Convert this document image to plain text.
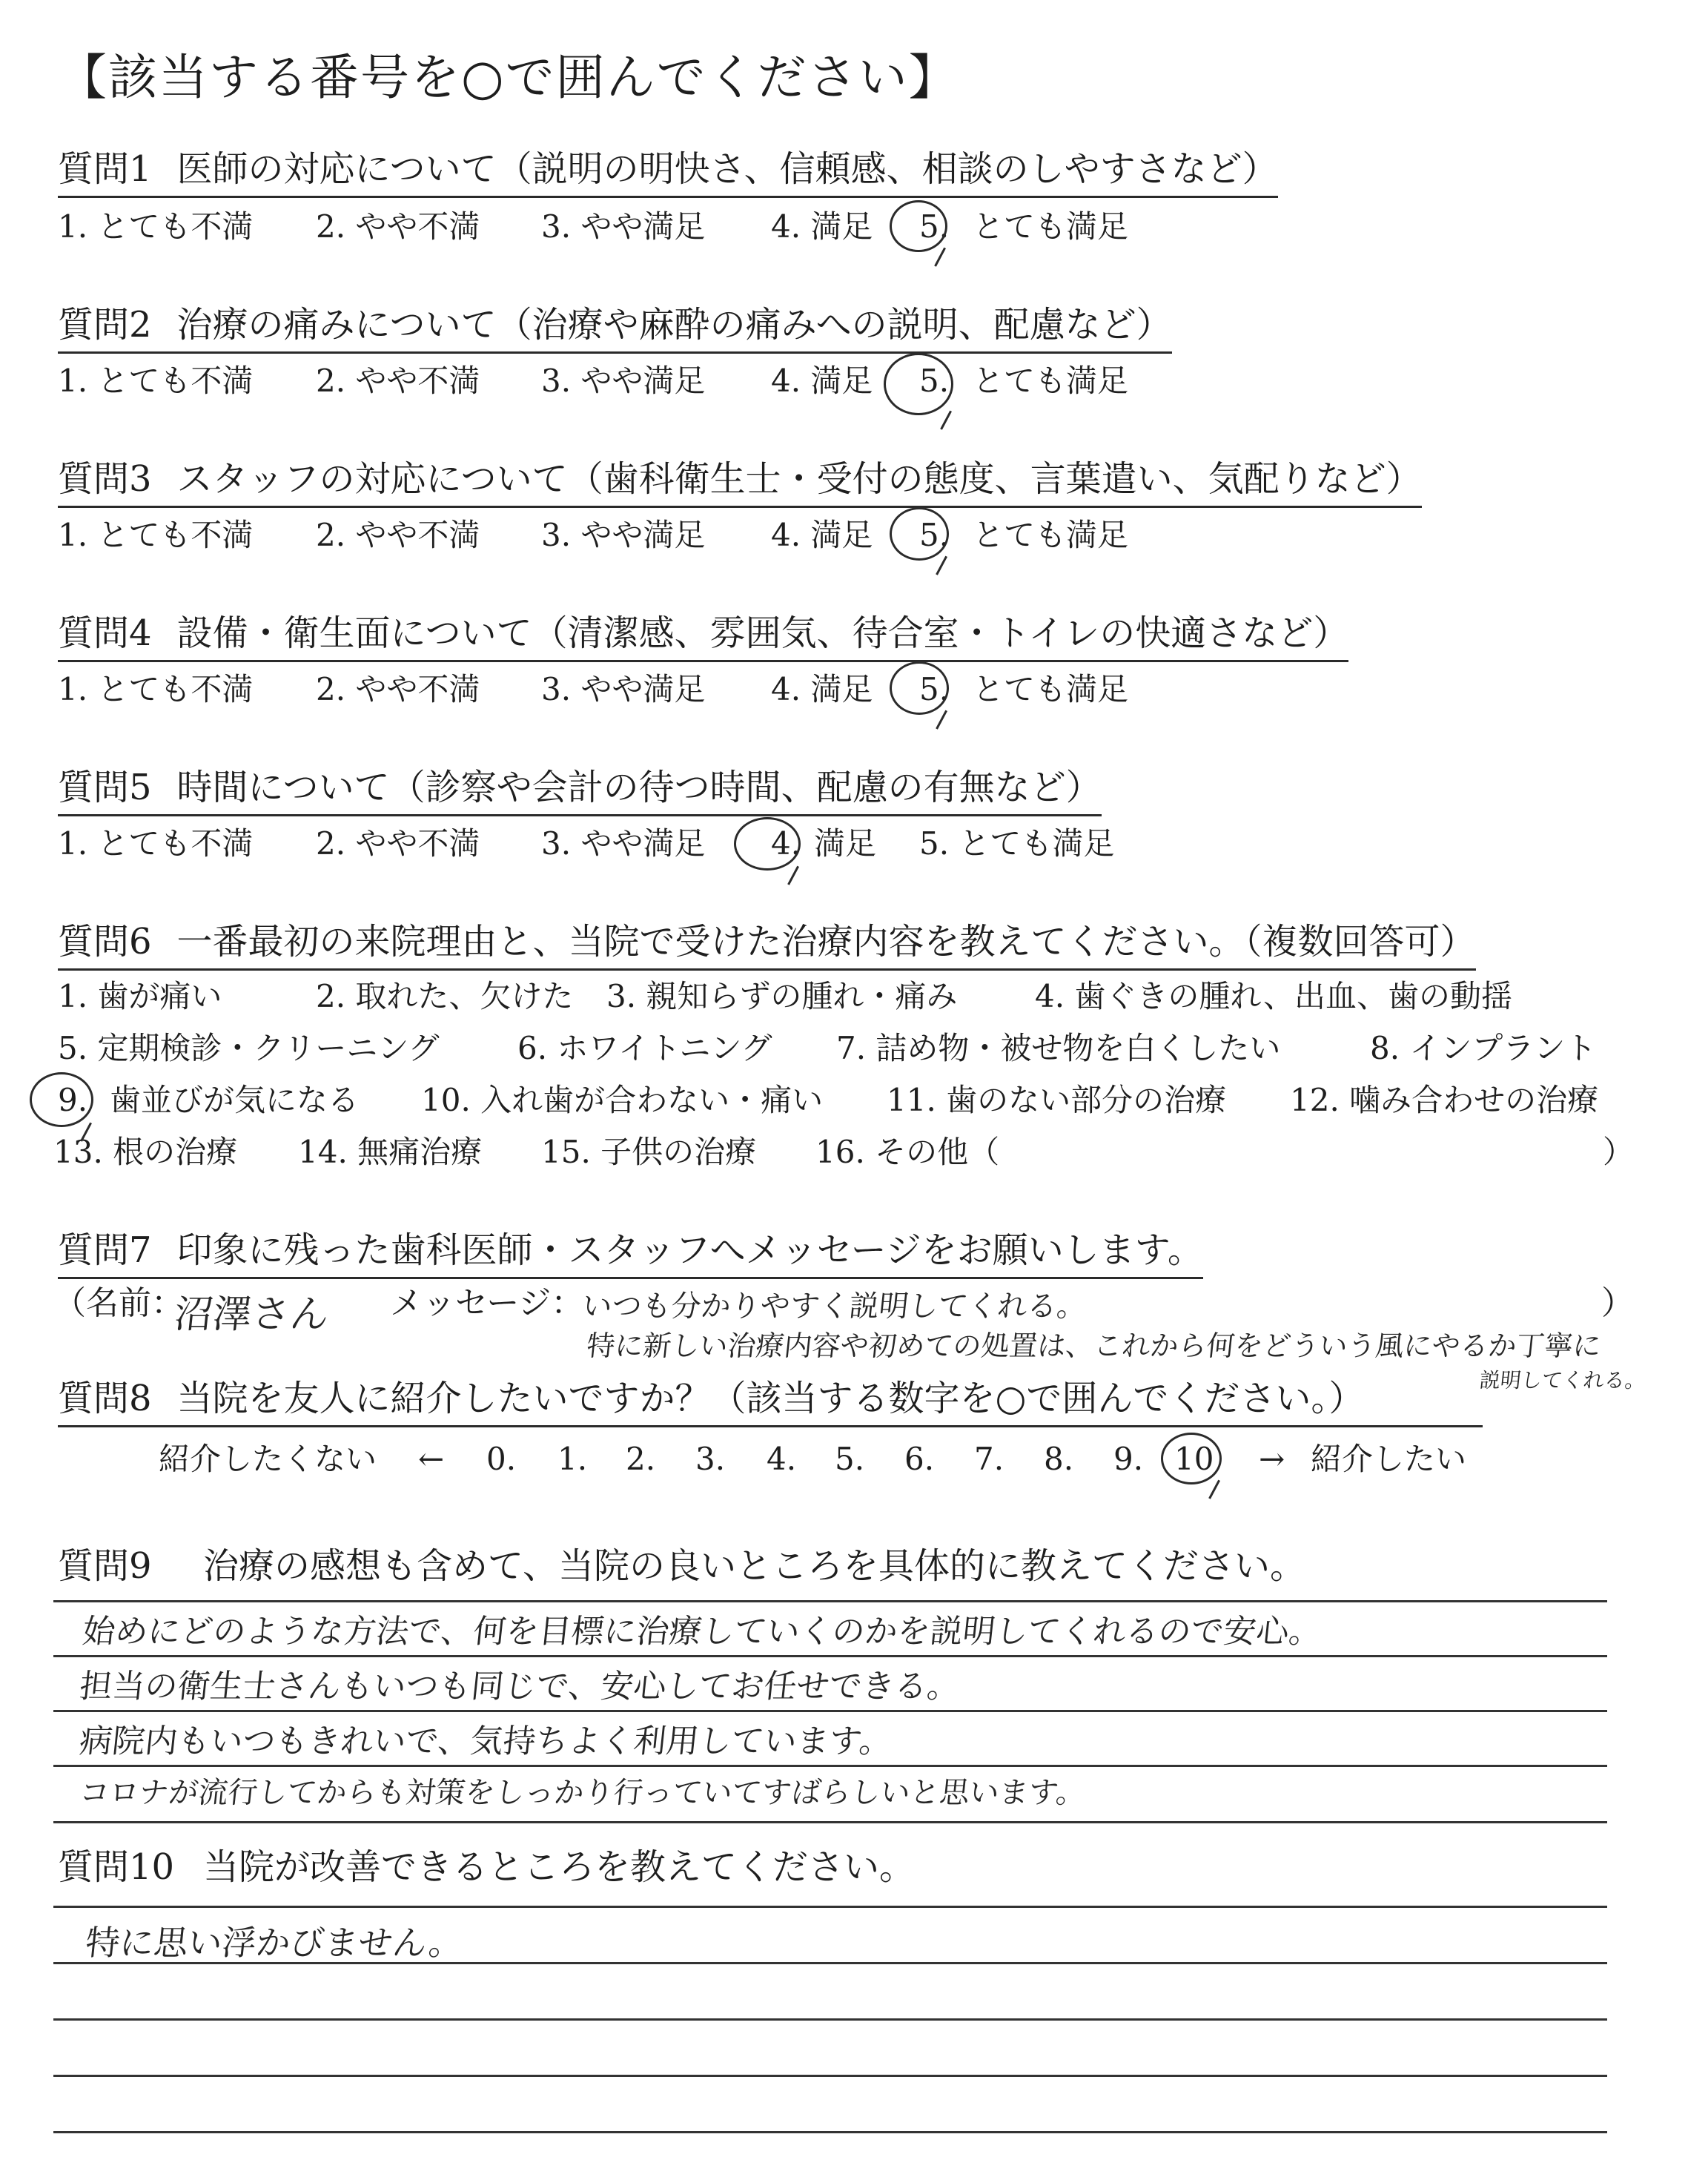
【該当する番号を○で囲んでください】
質問1 医師の対応について（説明の明快さ、信頼感、相談のしやすさなど）
1. とても不満 2. やや不満 3. やや満足 4. 満足 5. とても満足
質問2 治療の痛みについて（治療や麻酔の痛みへの説明、配慮など）
1. とても不満 2. やや不満 3. やや満足 4. 満足 5. とても満足
質問3 スタッフの対応について（歯科衛生士・受付の態度、言葉遣い、気配りなど）
1. とても不満 2. やや不満 3. やや満足 4. 満足 5. とても満足
質問4 設備・衛生面について（清潔感、雰囲気、待合室・トイレの快適さなど）
1. とても不満 2. やや不満 3. やや満足 4. 満足 5. とても満足
質問5 時間について（診察や会計の待つ時間、配慮の有無など）
1. とても不満 2. やや不満 3. やや満足 4. 満足 5. とても満足
質問6 一番最初の来院理由と、当院で受けた治療内容を教えてください。（複数回答可）
1. 歯が痛い	2. 取れた、欠けた 3. 親知らずの腫れ・痛み 4. 歯ぐきの腫れ、出血、歯の動揺
5. 定期検診・クリーニング	6. ホワイトニング 7. 詰め物・被せ物を白くしたい	8. インプラント
9. 歯並びが気になる 10. 入れ歯が合わない・痛い 11. 歯のない部分の治療 12. 噛み合わせの治療
13. 根の治療 14. 無痛治療 15. 子供の治療 16. その他（	）
質問7 印象に残った歯科医師・スタッフへメッセージをお願いします。
（名前：	メッセージ：	）
沼澤さん	いつも分かりやすく説明してくれる。
特に新しい治療内容や初めての処置は、これから何をどういう風にやるか丁寧に
説明してくれる。
質問8 当院を友人に紹介したいですか？（該当する数字を○で囲んでください。）
紹介したくない ← 0. 1. 2. 3. 4. 5. 6. 7. 8. 9. 10 → 紹介したい
質問9 治療の感想も含めて、当院の良いところを具体的に教えてください。
始めにどのような方法で、何を目標に治療していくのかを説明してくれるので安心。
担当の衛生士さんもいつも同じで、安心してお任せできる。
病院内もいつもきれいで、気持ちよく利用しています。
コロナが流行してからも対策をしっかり行っていてすばらしいと思います。
質問10 当院が改善できるところを教えてください。
特に思い浮かびません。
